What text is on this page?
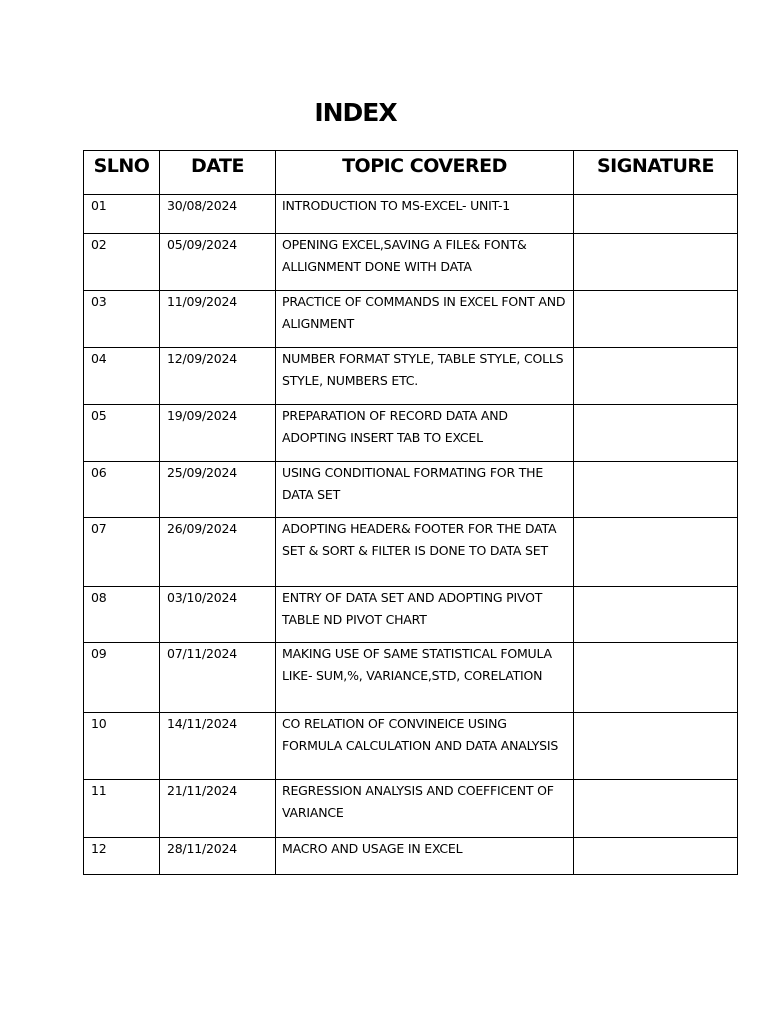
INDEX
SLNO	DATE	TOPIC COVERED	SIGNATURE
01	30/08/2024	INTRODUCTION TO MS-EXCEL- UNIT-1	
02	05/09/2024	OPENING EXCEL,SAVING A FILE& FONT& ALLIGNMENT DONE WITH DATA	
03	11/09/2024	PRACTICE OF COMMANDS IN EXCEL FONT AND ALIGNMENT	
04	12/09/2024	NUMBER FORMAT STYLE, TABLE STYLE, COLLS STYLE, NUMBERS ETC.	
05	19/09/2024	PREPARATION OF RECORD DATA AND ADOPTING INSERT TAB TO EXCEL	
06	25/09/2024	USING CONDITIONAL FORMATING FOR THE DATA SET	
07	26/09/2024	ADOPTING HEADER& FOOTER FOR THE DATA SET & SORT & FILTER IS DONE TO DATA SET	
08	03/10/2024	ENTRY OF DATA SET AND ADOPTING PIVOT TABLE ND PIVOT CHART	
09	07/11/2024	MAKING USE OF SAME STATISTICAL FOMULA LIKE- SUM,%, VARIANCE,STD, CORELATION	
10	14/11/2024	CO RELATION OF CONVINEICE USING FORMULA CALCULATION AND DATA ANALYSIS	
11	21/11/2024	REGRESSION ANALYSIS AND COEFFICENT OF VARIANCE	
12	28/11/2024	MACRO AND USAGE IN EXCEL	
